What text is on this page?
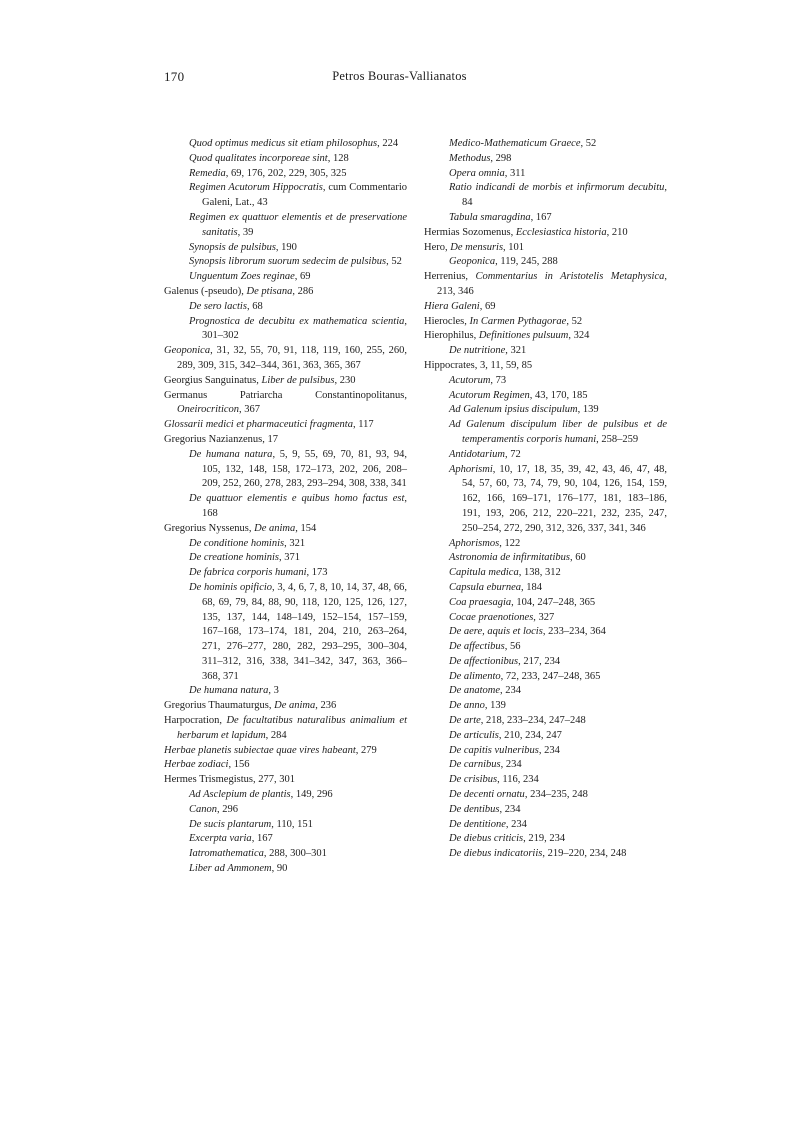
170	Petros Bouras-Vallianatos
Quod optimus medicus sit etiam philosophus, 224
Quod qualitates incorporeae sint, 128
Remedia, 69, 176, 202, 229, 305, 325
Regimen Acutorum Hippocratis, cum Commentario Galeni, Lat., 43
Regimen ex quattuor elementis et de preservatione sanitatis, 39
Synopsis de pulsibus, 190
Synopsis librorum suorum sedecim de pulsibus, 52
Unguentum Zoes reginae, 69
Galenus (-pseudo), De ptisana, 286
De sero lactis, 68
Prognostica de decubitu ex mathematica scientia, 301–302
Geoponica, 31, 32, 55, 70, 91, 118, 119, 160, 255, 260, 289, 309, 315, 342–344, 361, 363, 365, 367
Georgius Sanguinatus, Liber de pulsibus, 230
Germanus Patriarcha Constantinopolitanus, Oneirocriticon, 367
Glossarii medici et pharmaceutici fragmenta, 117
Gregorius Nazianzenus, 17
De humana natura, 5, 9, 55, 69, 70, 81, 93, 94, 105, 132, 148, 158, 172–173, 202, 206, 208–209, 252, 260, 278, 283, 293–294, 308, 338, 341
De quattuor elementis e quibus homo factus est, 168
Gregorius Nyssenus, De anima, 154
De conditione hominis, 321
De creatione hominis, 371
De fabrica corporis humani, 173
De hominis opificio, 3, 4, 6, 7, 8, 10, 14, 37, 48, 66, 68, 69, 79, 84, 88, 90, 118, 120, 125, 126, 127, 135, 137, 144, 148–149, 152–154, 157–159, 167–168, 173–174, 181, 204, 210, 263–264, 271, 276–277, 280, 282, 293–295, 300–304, 311–312, 316, 338, 341–342, 347, 363, 366–368, 371
De humana natura, 3
Gregorius Thaumaturgus, De anima, 236
Harpocration, De facultatibus naturalibus animalium et herbarum et lapidum, 284
Herbae planetis subiectae quae vires habeant, 279
Herbae zodiaci, 156
Hermes Trismegistus, 277, 301
Ad Asclepium de plantis, 149, 296
Canon, 296
De sucis plantarum, 110, 151
Excerpta varia, 167
Iatromathematica, 288, 300–301
Liber ad Ammonem, 90
Medico-Mathematicum Graece, 52
Methodus, 298
Opera omnia, 311
Ratio indicandi de morbis et infirmorum decubitu, 84
Tabula smaragdina, 167
Hermias Sozomenus, Ecclesiastica historia, 210
Hero, De mensuris, 101
Geoponica, 119, 245, 288
Herrenius, Commentarius in Aristotelis Metaphysica, 213, 346
Hiera Galeni, 69
Hierocles, In Carmen Pythagorae, 52
Hierophilus, Definitiones pulsuum, 324
De nutritione, 321
Hippocrates, 3, 11, 59, 85
Acutorum, 73
Acutorum Regimen, 43, 170, 185
Ad Galenum ipsius discipulum, 139
Ad Galenum discipulum liber de pulsibus et de temperamentis corporis humani, 258–259
Antidotarium, 72
Aphorismi, 10, 17, 18, 35, 39, 42, 43, 46, 47, 48, 54, 57, 60, 73, 74, 79, 90, 104, 126, 154, 159, 162, 166, 169–171, 176–177, 181, 183–186, 191, 193, 206, 212, 220–221, 232, 235, 247, 250–254, 272, 290, 312, 326, 337, 341, 346
Aphorismos, 122
Astronomia de infirmitatibus, 60
Capitula medica, 138, 312
Capsula eburnea, 184
Coa praesagia, 104, 247–248, 365
Cocae praenotiones, 327
De aere, aquis et locis, 233–234, 364
De affectibus, 56
De affectionibus, 217, 234
De alimento, 72, 233, 247–248, 365
De anatome, 234
De anno, 139
De arte, 218, 233–234, 247–248
De articulis, 210, 234, 247
De capitis vulneribus, 234
De carnibus, 234
De crisibus, 116, 234
De decenti ornatu, 234–235, 248
De dentibus, 234
De dentitione, 234
De diebus criticis, 219, 234
De diebus indicatoriis, 219–220, 234, 248
